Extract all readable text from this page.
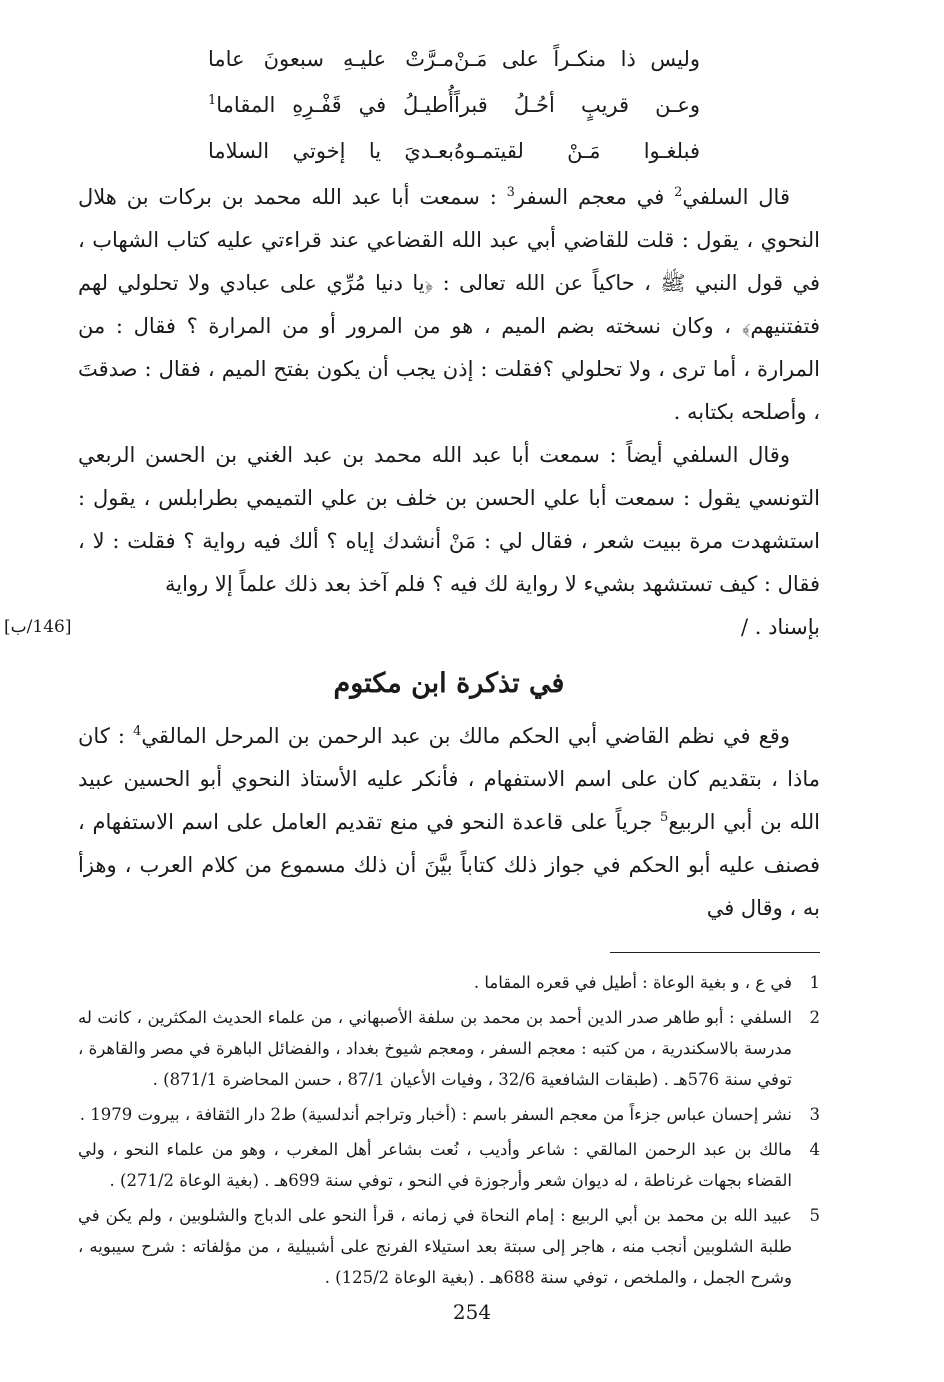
وليس ذا منكـراً على مَـنْ
مـرَّتْ عليـهِ سبعونَ عاما
وعـن قريبٍ أحُـلُ قبراً
أُطيـلُ في قَفْـرِهِ المقاما$^1$
فبلغـوا مَـنْ لقيتمـوهُ
بعـديَ يا إخوتي السلاما

قال السلفي$^2$ في معجم السفر$^3$ : سمعت أبا عبد الله محمد بن بركات بن هلال النحوي ، يقول : قلت للقاضي أبي عبد الله القضاعي عند قراءتي عليه كتاب الشهاب ، في قول النبي ﷺ ، حاكياً عن الله تعالى : ﴿يا دنيا مُرِّي على عبادي ولا تحلولي لهم فتفتنيهم﴾ ، وكان نسخته بضم الميم ، هو من المرور أو من المرارة ؟ فقال : من المرارة ، أما ترى ، ولا تحلولي ؟فقلت : إذن يجب أن يكون بفتح الميم ، فقال : صدقتَ ، وأصلحه بكتابه .

وقال السلفي أيضاً : سمعت أبا عبد الله محمد بن عبد الغني بن الحسن الربعي التونسي يقول : سمعت أبا علي الحسن بن خلف بن علي التميمي بطرابلس ، يقول : استشهدت مرة ببيت شعر ، فقال لي : مَنْ أنشدك إياه ؟ ألك فيه رواية ؟ فقلت : لا ، فقال : كيف تستشهد بشيء لا رواية لك فيه ؟ فلم آخذ بعد ذلك علماً إلا رواية

بإسناد . /
[146/ب]
في تذكرة ابن مكتوم

وقع في نظم القاضي أبي الحكم مالك بن عبد الرحمن بن المرحل المالقي$^4$ : كان ماذا ، بتقديم كان على اسم الاستفهام ، فأنكر عليه الأستاذ النحوي أبو الحسين عبيد الله بن أبي الربيع$^5$ جرياً على قاعدة النحو في منع تقديم العامل على اسم الاستفهام ، فصنف عليه أبو الحكم في جواز ذلك كتاباً بيَّنَ أن ذلك مسموع من كلام العرب ، وهزأ به ، وقال في

1
في ع ، و بغية الوعاة : أطيل في قعره المقاما .
2
السلفي : أبو طاهر صدر الدين أحمد بن محمد بن سلفة الأصبهاني ، من علماء الحديث المكثرين ، كانت له مدرسة بالاسكندرية ، من كتبه : معجم السفر ، ومعجم شيوخ بغداد ، والفضائل الباهرة في مصر والقاهرة ، توفي سنة 576هـ . (طبقات الشافعية 32/6 ، وفيات الأعيان 87/1 ، حسن المحاضرة 871/1) .
3
نشر إحسان عباس جزءاً من معجم السفر باسم : (أخبار وتراجم أندلسية) ط2 دار الثقافة ، بيروت 1979 .
4
مالك بن عبد الرحمن المالقي : شاعر وأديب ، نُعت بشاعر أهل المغرب ، وهو من علماء النحو ، ولي القضاء بجهات غرناطة ، له ديوان شعر وأرجوزة في النحو ، توفي سنة 699هـ . (بغية الوعاة 271/2) .
5
عبيد الله بن محمد بن أبي الربيع : إمام النحاة في زمانه ، قرأ النحو على الدباج والشلوبين ، ولم يكن في طلبة الشلوبين أنجب منه ، هاجر إلى سبتة بعد استيلاء الفرنج على أشبيلية ، من مؤلفاته : شرح سيبويه ، وشرح الجمل ، والملخص ، توفي سنة 688هـ . (بغية الوعاة 125/2) .
254
